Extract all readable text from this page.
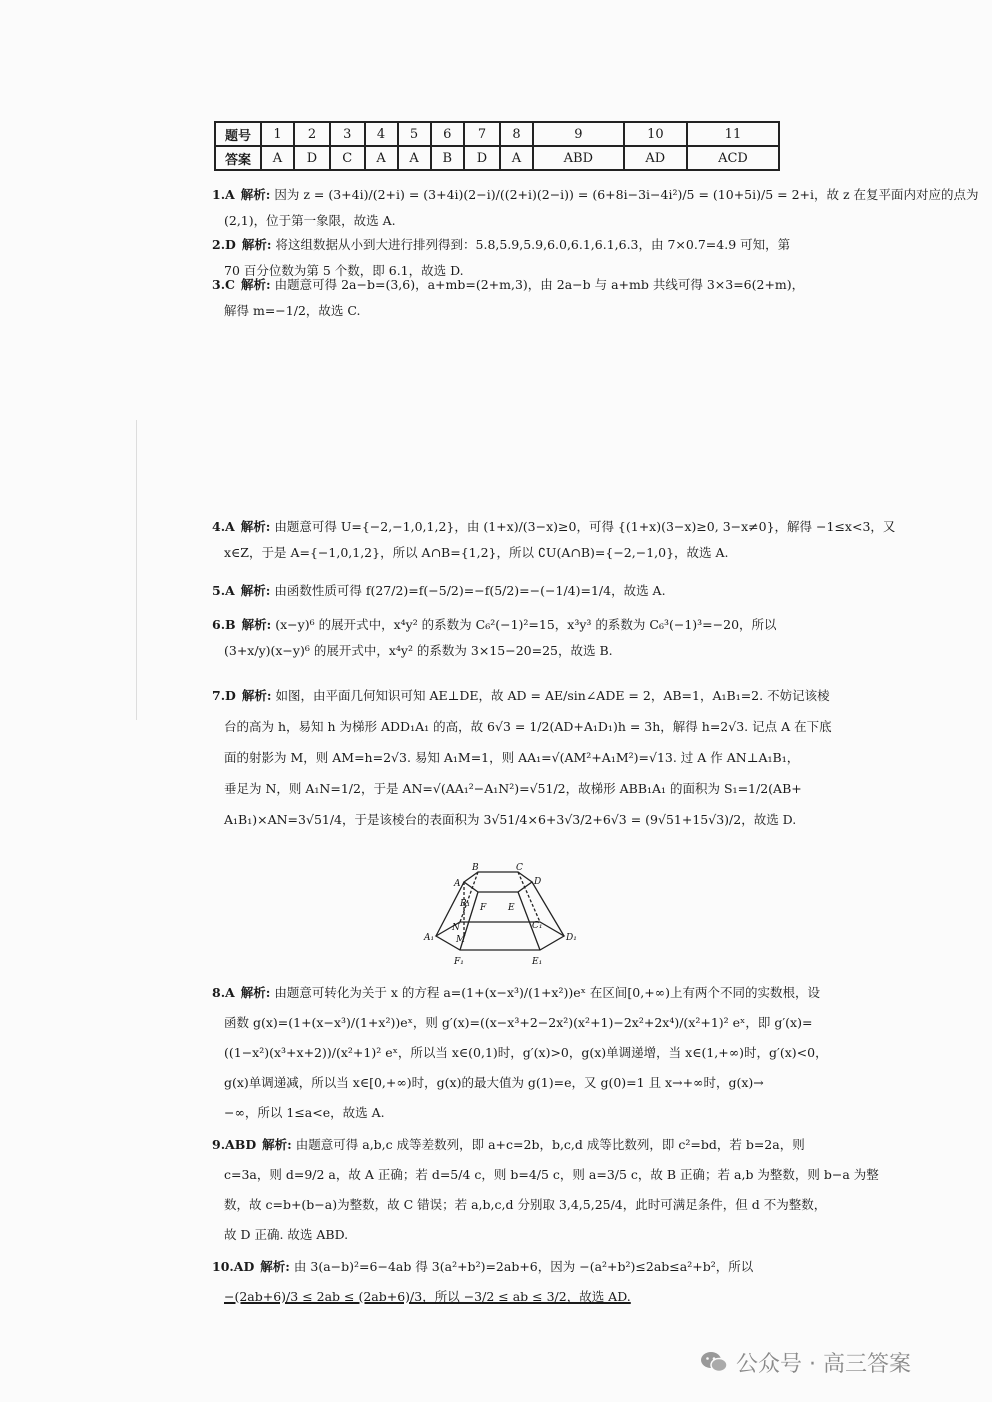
题号	1	2	3	4	5	6	7	8	9	10	11
答案	A	D	C	A	A	B	D	A	ABD	AD	ACD
1.A 解析: 因为 z = (3+4i)/(2+i) = (3+4i)(2−i)/((2+i)(2−i)) = (6+8i−3i−4i²)/5 = (10+5i)/5 = 2+i，故 z 在复平面内对应的点为
(2,1)，位于第一象限，故选 A.
2.D 解析: 将这组数据从小到大进行排列得到：5.8,5.9,5.9,6.0,6.1,6.1,6.3，由 7×0.7=4.9 可知，第
70 百分位数为第 5 个数，即 6.1，故选 D.
3.C 解析: 由题意可得 2a−b=(3,6)，a+mb=(2+m,3)，由 2a−b 与 a+mb 共线可得 3×3=6(2+m)，
解得 m=−1/2，故选 C.
4.A 解析: 由题意可得 U={−2,−1,0,1,2}，由 (1+x)/(3−x)≥0，可得 {(1+x)(3−x)≥0, 3−x≠0}，解得 −1≤x<3，又
x∈Z，于是 A={−1,0,1,2}，所以 A∩B={1,2}，所以 ∁U(A∩B)={−2,−1,0}，故选 A.
5.A 解析: 由函数性质可得 f(27/2)=f(−5/2)=−f(5/2)=−(−1/4)=1/4，故选 A.
6.B 解析: (x−y)⁶ 的展开式中，x⁴y² 的系数为 C₆²(−1)²=15，x³y³ 的系数为 C₆³(−1)³=−20，所以
(3+x/y)(x−y)⁶ 的展开式中，x⁴y² 的系数为 3×15−20=25，故选 B.
7.D 解析: 如图，由平面几何知识可知 AE⊥DE，故 AD = AE/sin∠ADE = 2，AB=1，A₁B₁=2. 不妨记该棱
台的高为 h，易知 h 为梯形 ADD₁A₁ 的高，故 6√3 = 1/2(AD+A₁D₁)h = 3h，解得 h=2√3. 记点 A 在下底
面的射影为 M，则 AM=h=2√3. 易知 A₁M=1，则 AA₁=√(AM²+A₁M²)=√13. 过 A 作 AN⊥A₁B₁，
垂足为 N，则 A₁N=1/2，于是 AN=√(AA₁²−A₁N²)=√51/2，故梯形 ABB₁A₁ 的面积为 S₁=1/2(AB+
A₁B₁)×AN=3√51/4，于是该棱台的表面积为 3√51/4×6+3√3/2+6√3 = (9√51+15√3)/2，故选 D.
B	C
A	D
B₁ F E
N	C₁
M
A₁	D₁
F₁	E₁
8.A 解析: 由题意可转化为关于 x 的方程 a=(1+(x−x³)/(1+x²))eˣ 在区间[0,+∞)上有两个不同的实数根，设
函数 g(x)=(1+(x−x³)/(1+x²))eˣ，则 g′(x)=((x−x³+2−2x²)(x²+1)−2x²+2x⁴)/(x²+1)² eˣ，即 g′(x)=
((1−x²)(x³+x+2))/(x²+1)² eˣ，所以当 x∈(0,1)时，g′(x)>0，g(x)单调递增，当 x∈(1,+∞)时，g′(x)<0，
g(x)单调递减，所以当 x∈[0,+∞)时，g(x)的最大值为 g(1)=e，又 g(0)=1 且 x→+∞时，g(x)→
−∞，所以 1≤a<e，故选 A.
9.ABD 解析: 由题意可得 a,b,c 成等差数列，即 a+c=2b，b,c,d 成等比数列，即 c²=bd，若 b=2a，则
c=3a，则 d=9/2 a，故 A 正确；若 d=5/4 c，则 b=4/5 c，则 a=3/5 c，故 B 正确；若 a,b 为整数，则 b−a 为整
数，故 c=b+(b−a)为整数，故 C 错误；若 a,b,c,d 分别取 3,4,5,25/4，此时可满足条件，但 d 不为整数，
故 D 正确. 故选 ABD.
10.AD 解析: 由 3(a−b)²=6−4ab 得 3(a²+b²)=2ab+6，因为 −(a²+b²)≤2ab≤a²+b²，所以
−(2ab+6)/3 ≤ 2ab ≤ (2ab+6)/3，所以 −3/2 ≤ ab ≤ 3/2，故选 AD.
公众号 · 高三答案
